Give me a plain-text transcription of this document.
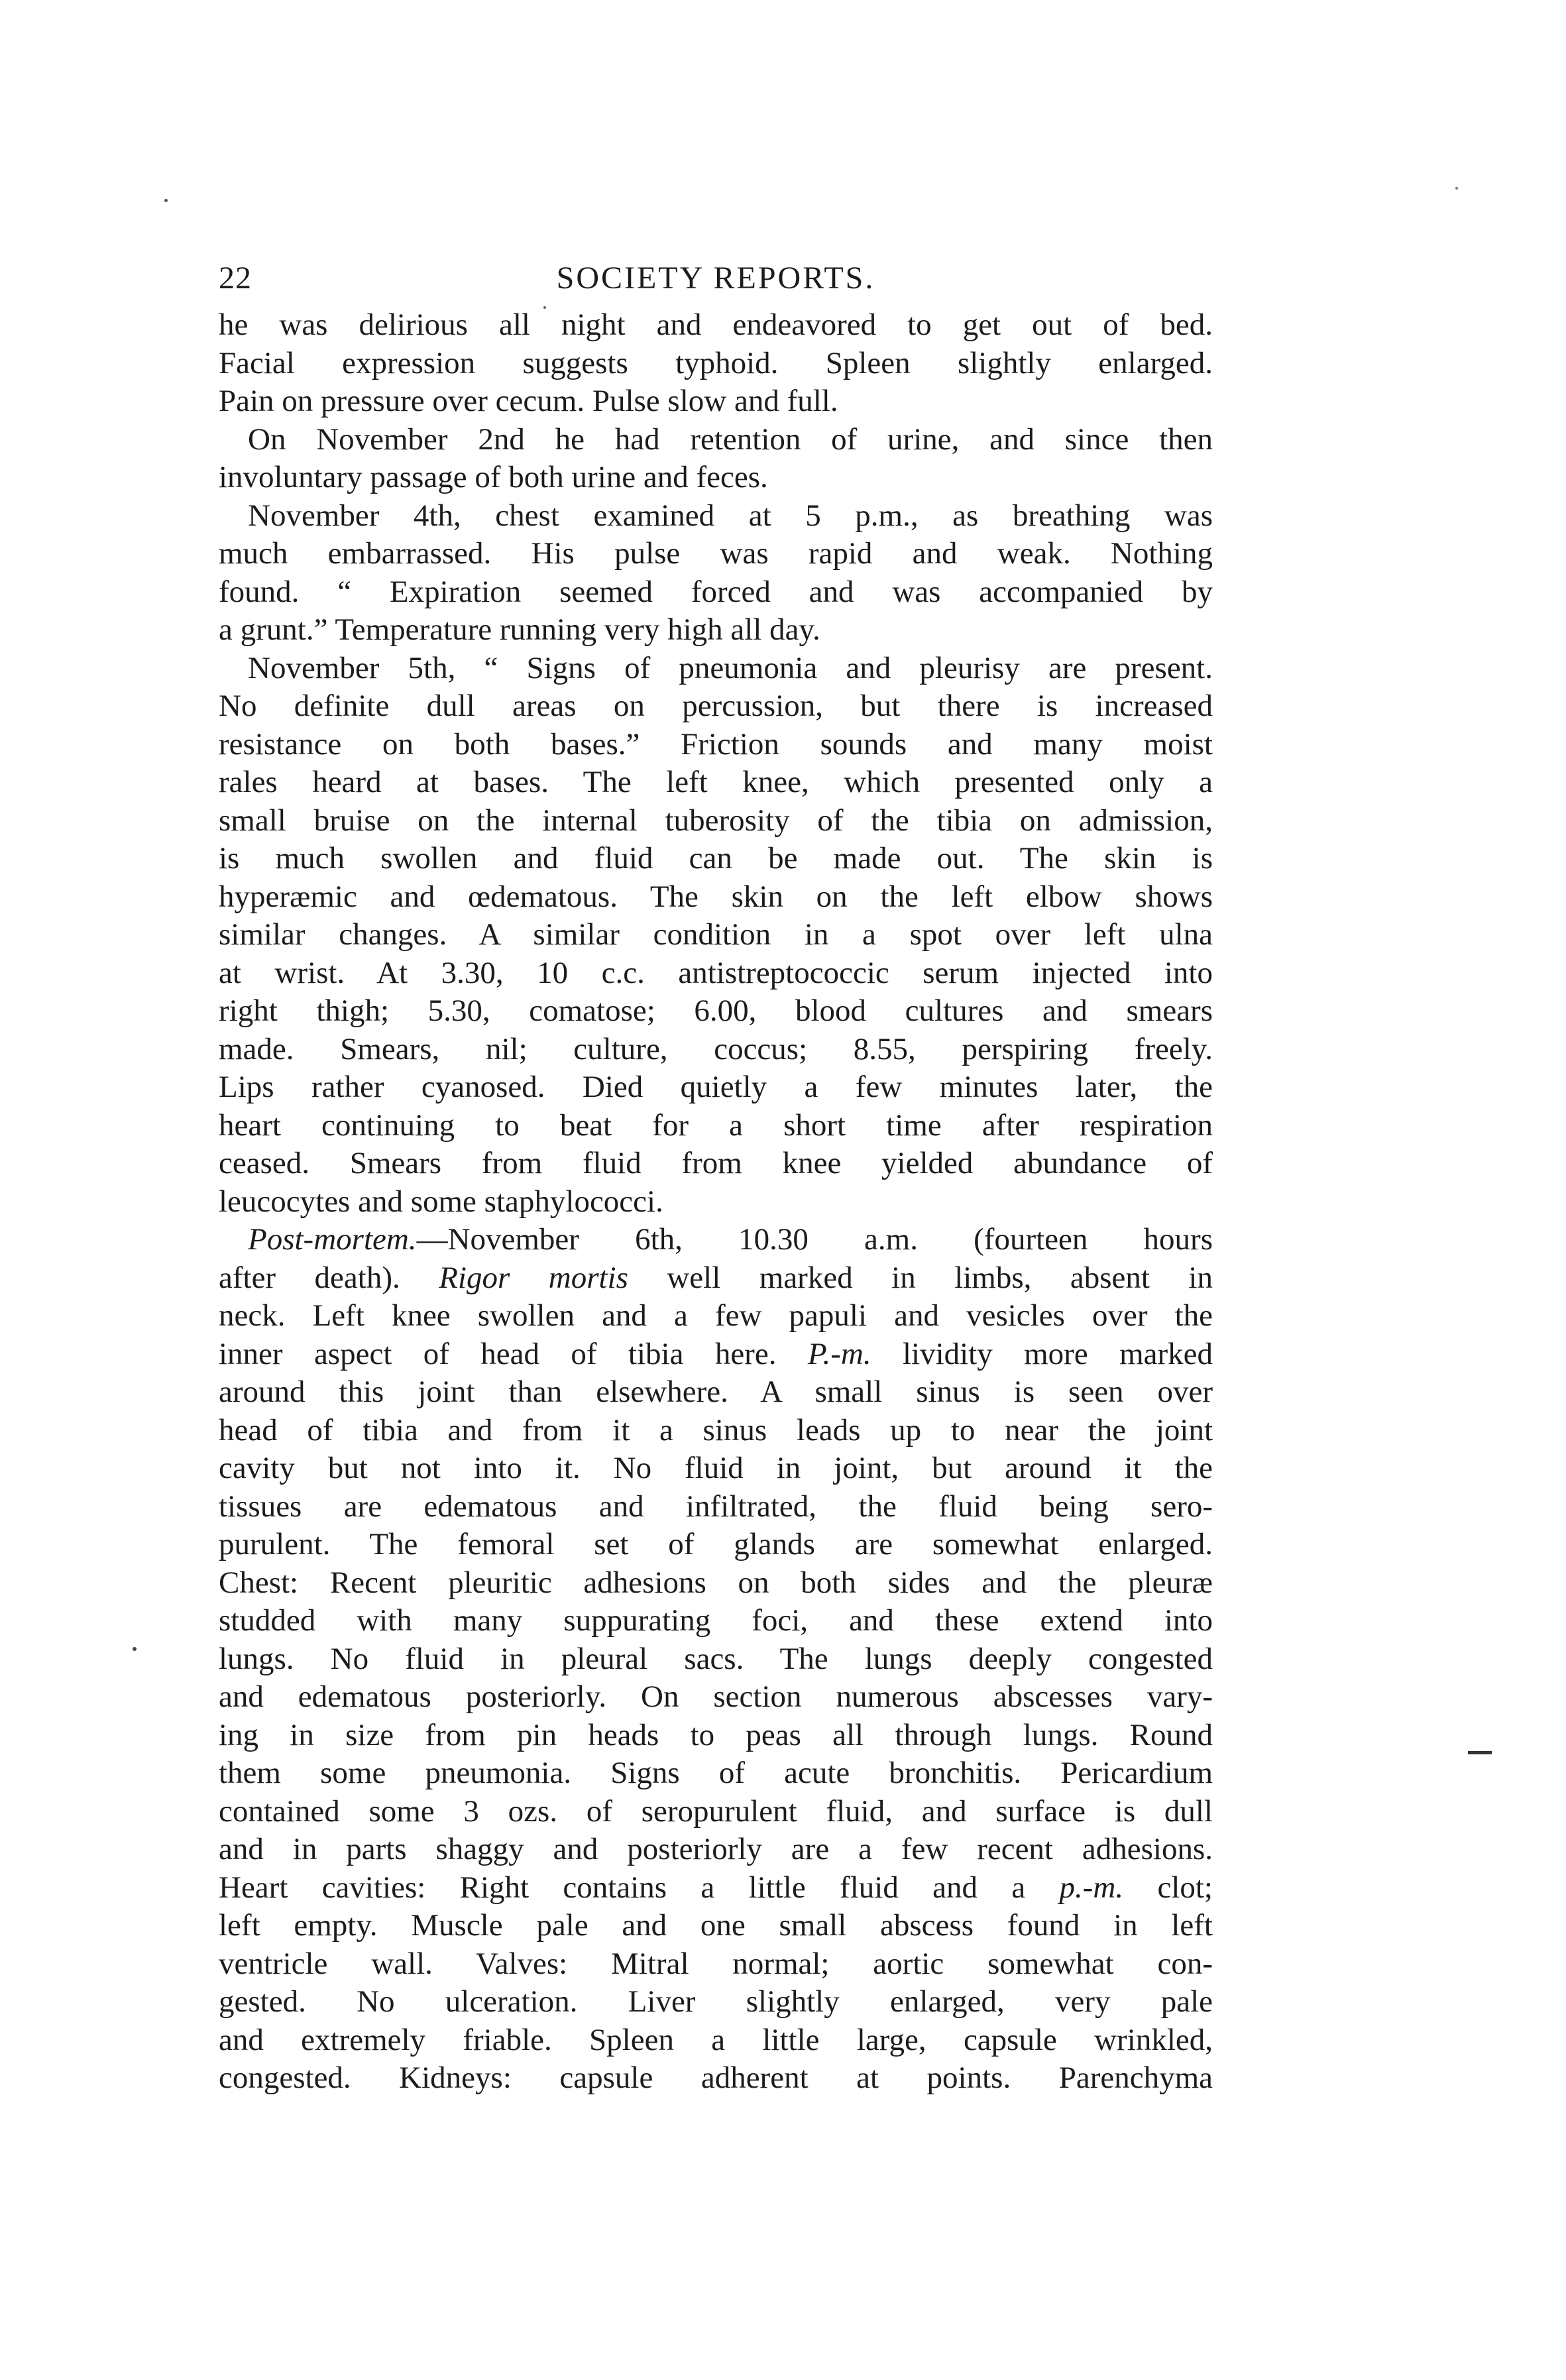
22	SOCIETY REPORTS.
he was delirious all night and endeavored to get out of bed.
Facial expression suggests typhoid. Spleen slightly enlarged.
Pain on pressure over cecum. Pulse slow and full.
On November 2nd he had retention of urine, and since then
involuntary passage of both urine and feces.
November 4th, chest examined at 5 p.m., as breathing was
much embarrassed. His pulse was rapid and weak. Nothing
found. “ Expiration seemed forced and was accompanied by
a grunt.” Temperature running very high all day.
November 5th, “ Signs of pneumonia and pleurisy are present.
No definite dull areas on percussion, but there is increased
resistance on both bases.” Friction sounds and many moist
rales heard at bases. The left knee, which presented only a
small bruise on the internal tuberosity of the tibia on admission,
is much swollen and fluid can be made out. The skin is
hyperæmic and œdematous. The skin on the left elbow shows
similar changes. A similar condition in a spot over left ulna
at wrist. At 3.30, 10 c.c. antistreptococcic serum injected into
right thigh; 5.30, comatose; 6.00, blood cultures and smears
made. Smears, nil; culture, coccus; 8.55, perspiring freely.
Lips rather cyanosed. Died quietly a few minutes later, the
heart continuing to beat for a short time after respiration
ceased. Smears from fluid from knee yielded abundance of
leucocytes and some staphylococci.
Post-mortem.—November 6th, 10.30 a.m. (fourteen hours
after death). Rigor mortis well marked in limbs, absent in
neck. Left knee swollen and a few papuli and vesicles over the
inner aspect of head of tibia here. P.-m. lividity more marked
around this joint than elsewhere. A small sinus is seen over
head of tibia and from it a sinus leads up to near the joint
cavity but not into it. No fluid in joint, but around it the
tissues are edematous and infiltrated, the fluid being sero-
purulent. The femoral set of glands are somewhat enlarged.
Chest: Recent pleuritic adhesions on both sides and the pleuræ
studded with many suppurating foci, and these extend into
lungs. No fluid in pleural sacs. The lungs deeply congested
and edematous posteriorly. On section numerous abscesses vary-
ing in size from pin heads to peas all through lungs. Round
them some pneumonia. Signs of acute bronchitis. Pericardium
contained some 3 ozs. of seropurulent fluid, and surface is dull
and in parts shaggy and posteriorly are a few recent adhesions.
Heart cavities: Right contains a little fluid and a p.-m. clot;
left empty. Muscle pale and one small abscess found in left
ventricle wall. Valves: Mitral normal; aortic somewhat con-
gested. No ulceration. Liver slightly enlarged, very pale
and extremely friable. Spleen a little large, capsule wrinkled,
congested. Kidneys: capsule adherent at points. Parenchyma
